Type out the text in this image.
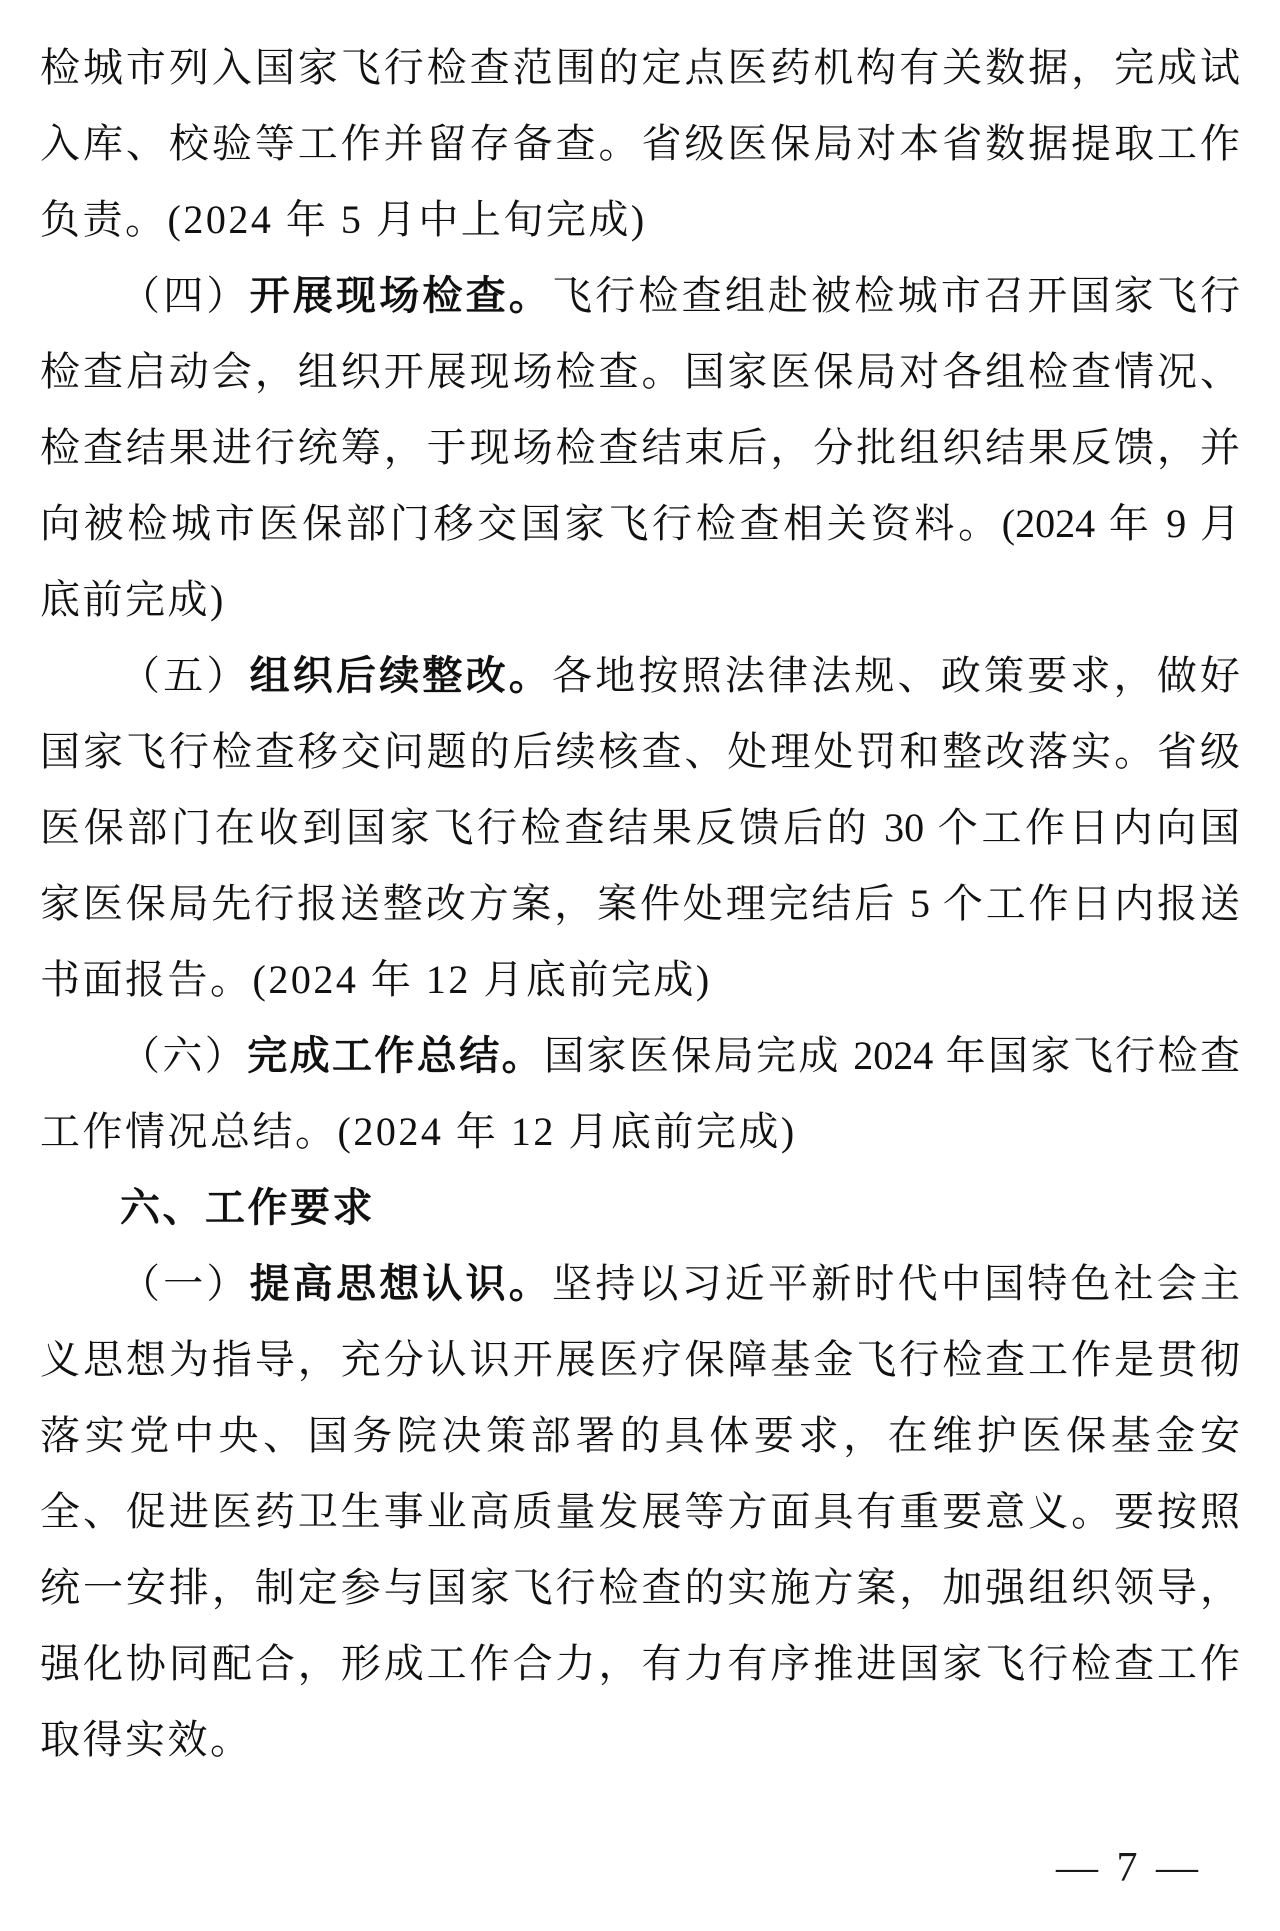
检城市列入国家飞行检查范围的定点医药机构有关数据，完成试
入库、校验等工作并留存备查。省级医保局对本省数据提取工作
负责。(2024 年 5 月中上旬完成)
（四）开展现场检查。飞行检查组赴被检城市召开国家飞行
检查启动会，组织开展现场检查。国家医保局对各组检查情况、
检查结果进行统筹，于现场检查结束后，分批组织结果反馈，并
向被检城市医保部门移交国家飞行检查相关资料。(2024 年 9 月
底前完成)
（五）组织后续整改。各地按照法律法规、政策要求，做好
国家飞行检查移交问题的后续核查、处理处罚和整改落实。省级
医保部门在收到国家飞行检查结果反馈后的 30 个工作日内向国
家医保局先行报送整改方案，案件处理完结后 5 个工作日内报送
书面报告。(2024 年 12 月底前完成)
（六）完成工作总结。国家医保局完成 2024 年国家飞行检查
工作情况总结。(2024 年 12 月底前完成)
六、工作要求
（一）提高思想认识。坚持以习近平新时代中国特色社会主
义思想为指导，充分认识开展医疗保障基金飞行检查工作是贯彻
落实党中央、国务院决策部署的具体要求，在维护医保基金安
全、促进医药卫生事业高质量发展等方面具有重要意义。要按照
统一安排，制定参与国家飞行检查的实施方案，加强组织领导，
强化协同配合，形成工作合力，有力有序推进国家飞行检查工作
取得实效。
— 7 —
